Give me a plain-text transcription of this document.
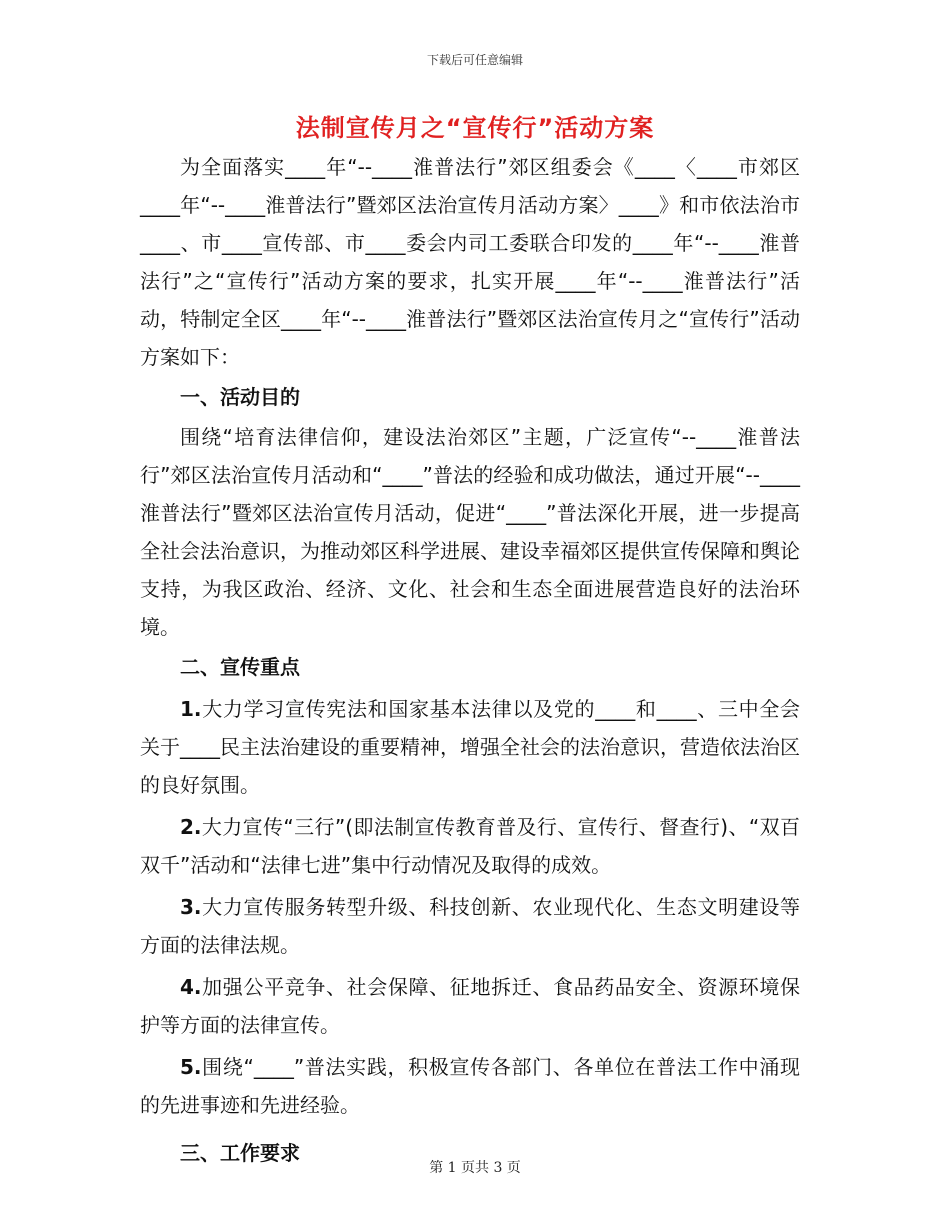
下载后可任意编辑
法制宣传月之“宣传行”活动方案

为全面落实____年“--____淮普法行”郊区组委会《____〈____市郊区____年“--____淮普法行”暨郊区法治宣传月活动方案〉____》和市依法治市____、市____宣传部、市____委会内司工委联合印发的____年“--____淮普法行”之“宣传行”活动方案的要求，扎实开展____年“--____淮普法行”活动，特制定全区____年“--____淮普法行”暨郊区法治宣传月之“宣传行”活动方案如下：

一、活动目的

围绕“培育法律信仰，建设法治郊区”主题，广泛宣传“--____淮普法行”郊区法治宣传月活动和“____”普法的经验和成功做法，通过开展“--____淮普法行”暨郊区法治宣传月活动，促进“____”普法深化开展，进一步提高全社会法治意识，为推动郊区科学进展、建设幸福郊区提供宣传保障和舆论支持，为我区政治、经济、文化、社会和生态全面进展营造良好的法治环境。

二、宣传重点

1.大力学习宣传宪法和国家基本法律以及党的____和____、三中全会关于____民主法治建设的重要精神，增强全社会的法治意识，营造依法治区的良好氛围。

2.大力宣传“三行”(即法制宣传教育普及行、宣传行、督查行)、“双百双千”活动和“法律七进”集中行动情况及取得的成效。

3.大力宣传服务转型升级、科技创新、农业现代化、生态文明建设等方面的法律法规。

4.加强公平竞争、社会保障、征地拆迁、食品药品安全、资源环境保护等方面的法律宣传。

5.围绕“____”普法实践，积极宣传各部门、各单位在普法工作中涌现的先进事迹和先进经验。

三、工作要求

第 1 页共 3 页
